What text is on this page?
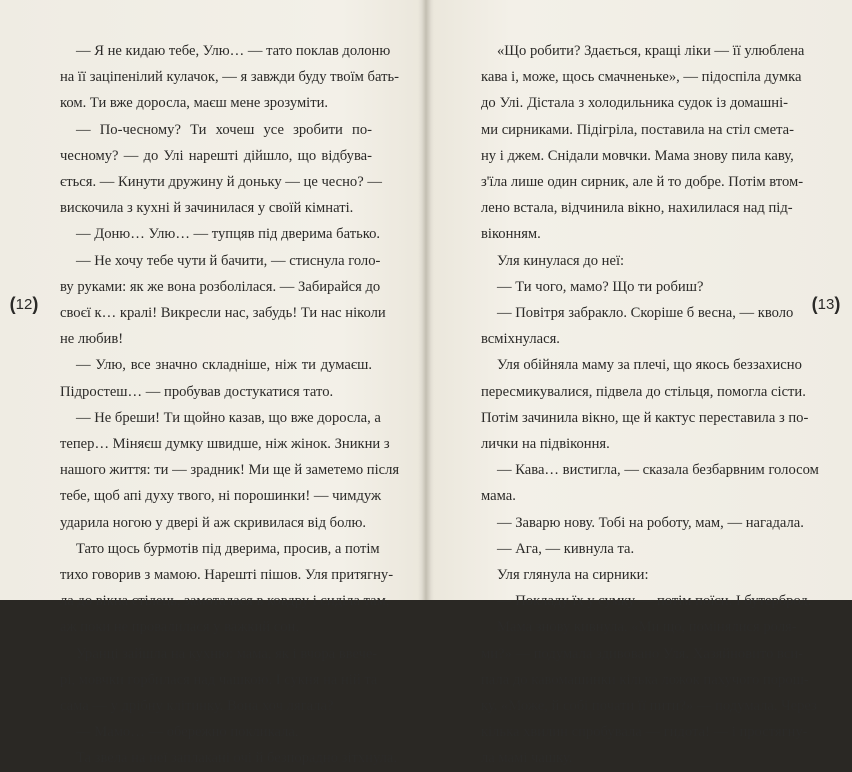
( 12 )
— Я не кидаю тебе, Улю… — тато поклав долоню
на її заціпенілий кулачок, — я завжди буду твоїм бать-
ком. Ти вже доросла, маєш мене зрозуміти.
— По-чесному? Ти хочеш усе зробити по-
чесному? — до Улі нарешті дійшло, що відбува-
ється. — Кинути дружину й доньку — це чесно? —
вискочила з кухні й зачинилася у своїй кімнаті.
— Доню… Улю… — тупцяв під дверима батько.
— Не хочу тебе чути й бачити, — стиснула голо-
ву руками: як же вона розболілася. — Забирайся до
своєї к… кралі! Викресли нас, забудь! Ти нас ніколи
не любив!
— Улю, все значно складніше, ніж ти думаєш.
Підростеш… — пробував достукатися тато.
— Не бреши! Ти щойно казав, що вже доросла, а
тепер… Міняєш думку швидше, ніж жінок. Зникни з
нашого життя: ти — зрадник! Ми ще й заметемо після
тебе, щоб апі духу твого, ні порошинки! — чимдуж
ударила ногою у двері й аж скривилася від болю.
Тато щось бурмотів під дверима, просив, а потім
тихо говорив з мамою. Нарешті пішов. Уля притягну-
ла до вікна стілець, замоталася в ковдру і сиділа там,
аж поки не провалилася у важкий сон.
Уранці зайшла на кухню: мама, як і вчора ввече-
рі, мовчки горбилася над чашкою. І сукня на ній та
сама — у дрібну клітинку. Вона хоч лягала?
— Мамо… — обережно покликала.
Та звела на неї заплакані очі й безпорадно зітхнула.
«Що робити? Здається, кращі ліки — її улюблена
кава і, може, щось смачненьке», — підоспіла думка
до Улі. Дістала з холодильника судок із домашні-
ми сирниками. Підігріла, поставила на стіл смета-
ну і джем. Снідали мовчки. Мама знову пила каву,
з'їла лише один сирник, але й то добре. Потім втом-
лено встала, відчинила вікно, нахилилася над під-
віконням.
Уля кинулася до неї:
— Ти чого, мамо? Що ти робиш?
— Повітря забракло. Скоріше б весна, — кволо
всміхнулася.
Уля обійняла маму за плечі, що якось беззахисно
пересмикувалися, підвела до стільця, помогла сісти.
Потім зачинила вікно, ще й кактус переставила з по-
лички на підвіконня.
— Кава… вистигла, — сказала безбарвним голосом
мама.
— Заварю нову. Тобі на роботу, мам, — нагадала.
— Ага, — кивнула та.
Уля глянула на сирники:
— Покладу їх у сумку — потім поїси. І бутерброд.
Мама знову кивнула. «Ми що, помінялися роля-
ми?» — подумала здивовано Уля. Хазяйновито вси-
пала до кавомашинки кілька ложок пахучого порош-
ку. «Може, й собі почати її пити?» — подумала. Через
кілька хвилин спробувала — гидота! — і простягну-
ла мамі чашку.
( 13 )
